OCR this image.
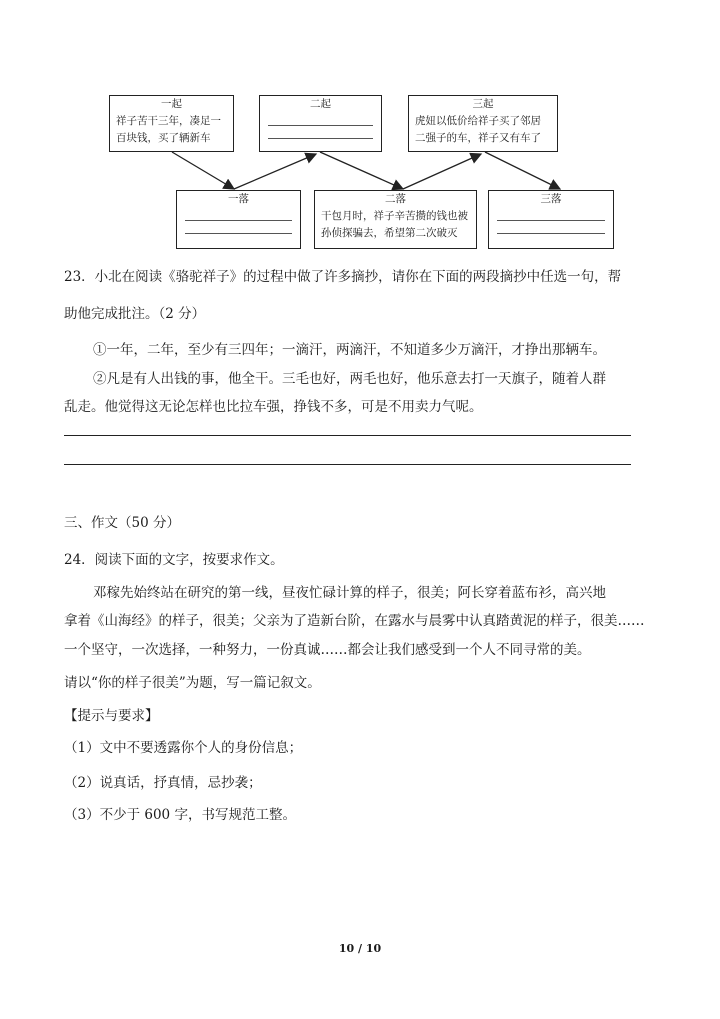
一起
祥子苦干三年，凑足一
百块钱，买了辆新车
二起	三起
虎妞以低价给祥子买了邻居
二强子的车，祥子又有车了
一落	二落
干包月时，祥子辛苦攒的钱也被
孙侦探骗去，希望第二次破灭
三落
23．小北在阅读《骆驼祥子》的过程中做了许多摘抄，请你在下面的两段摘抄中任选一句，帮
助他完成批注。（2 分）
①一年，二年，至少有三四年；一滴汗，两滴汗，不知道多少万滴汗，才挣出那辆车。
②凡是有人出钱的事，他全干。三毛也好，两毛也好，他乐意去打一天旗子，随着人群
乱走。他觉得这无论怎样也比拉车强，挣钱不多，可是不用卖力气呢。
三、作文（50 分）
24．阅读下面的文字，按要求作文。
邓稼先始终站在研究的第一线，昼夜忙碌计算的样子，很美；阿长穿着蓝布衫，高兴地
拿着《山海经》的样子，很美；父亲为了造新台阶，在露水与晨雾中认真踏黄泥的样子，很美……
一个坚守，一次选择，一种努力，一份真诚……都会让我们感受到一个人不同寻常的美。
请以“你的样子很美”为题，写一篇记叙文。
【提示与要求】
（1）文中不要透露你个人的身份信息；
（2）说真话，抒真情，忌抄袭；
（3）不少于 600 字，书写规范工整。
10 / 10
